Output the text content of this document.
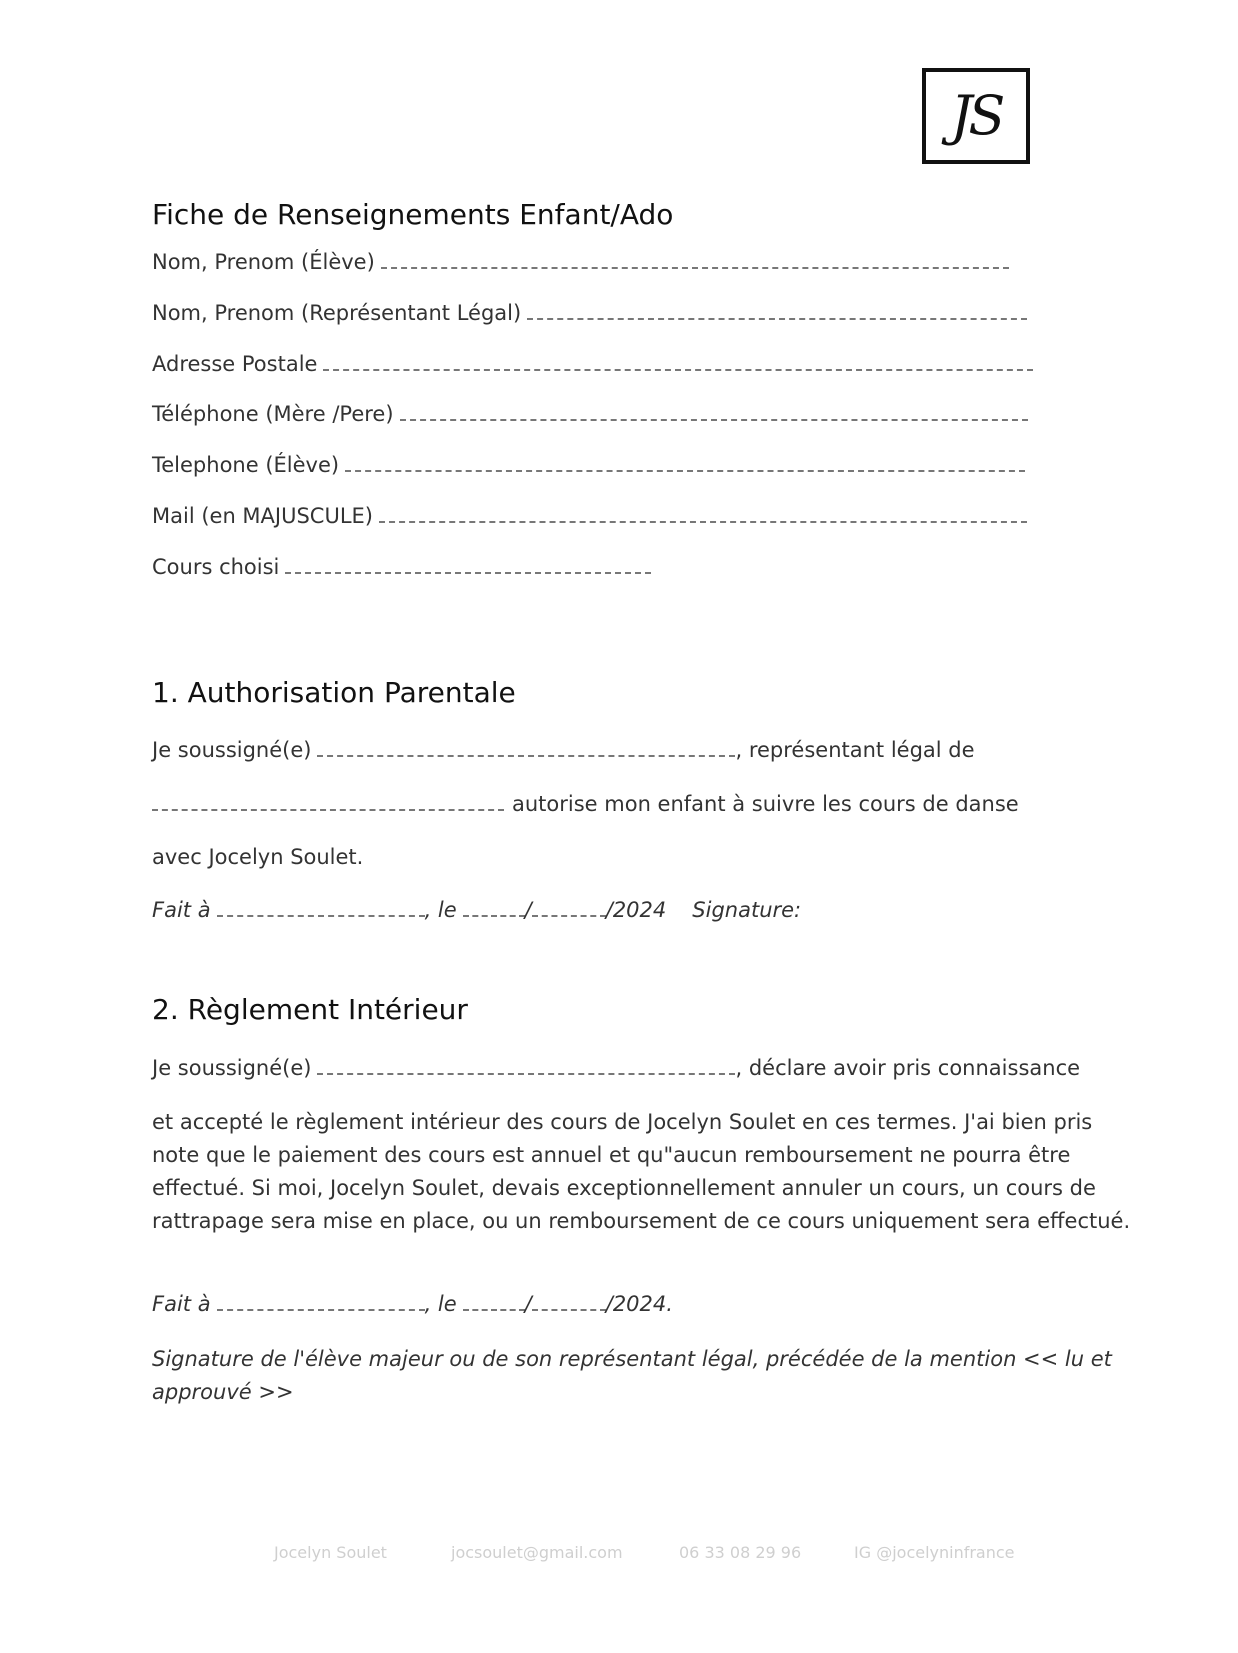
JS
Fiche de Renseignements Enfant/Ado
Nom, Prenom (Élève)
Nom, Prenom (Représentant Légal)
Adresse Postale
Téléphone (Mère /Pere)
Telephone (Élève)
Mail (en MAJUSCULE)
Cours choisi
1. Authorisation Parentale
Je soussigné(e)	, représentant légal de
autorise mon enfant à suivre les cours de danse
avec Jocelyn Soulet.
Fait à	, le	/	/2024 Signature:
2. Règlement Intérieur
Je soussigné(e)	, déclare avoir pris connaissance
et accepté le règlement intérieur des cours de Jocelyn Soulet en ces termes. J'ai bien pris note que le paiement des cours est annuel et qu"aucun remboursement ne pourra être effectué. Si moi, Jocelyn Soulet, devais exceptionnellement annuler un cours, un cours de rattrapage sera mise en place, ou un remboursement de ce cours uniquement sera effectué.
Fait à	, le	/	/2024.
Signature de l'élève majeur ou de son représentant légal, précédée de la mention << lu et approuvé >>
Jocelyn Soulet	jocsoulet@gmail.com	06 33 08 29 96	IG @jocelyninfrance
